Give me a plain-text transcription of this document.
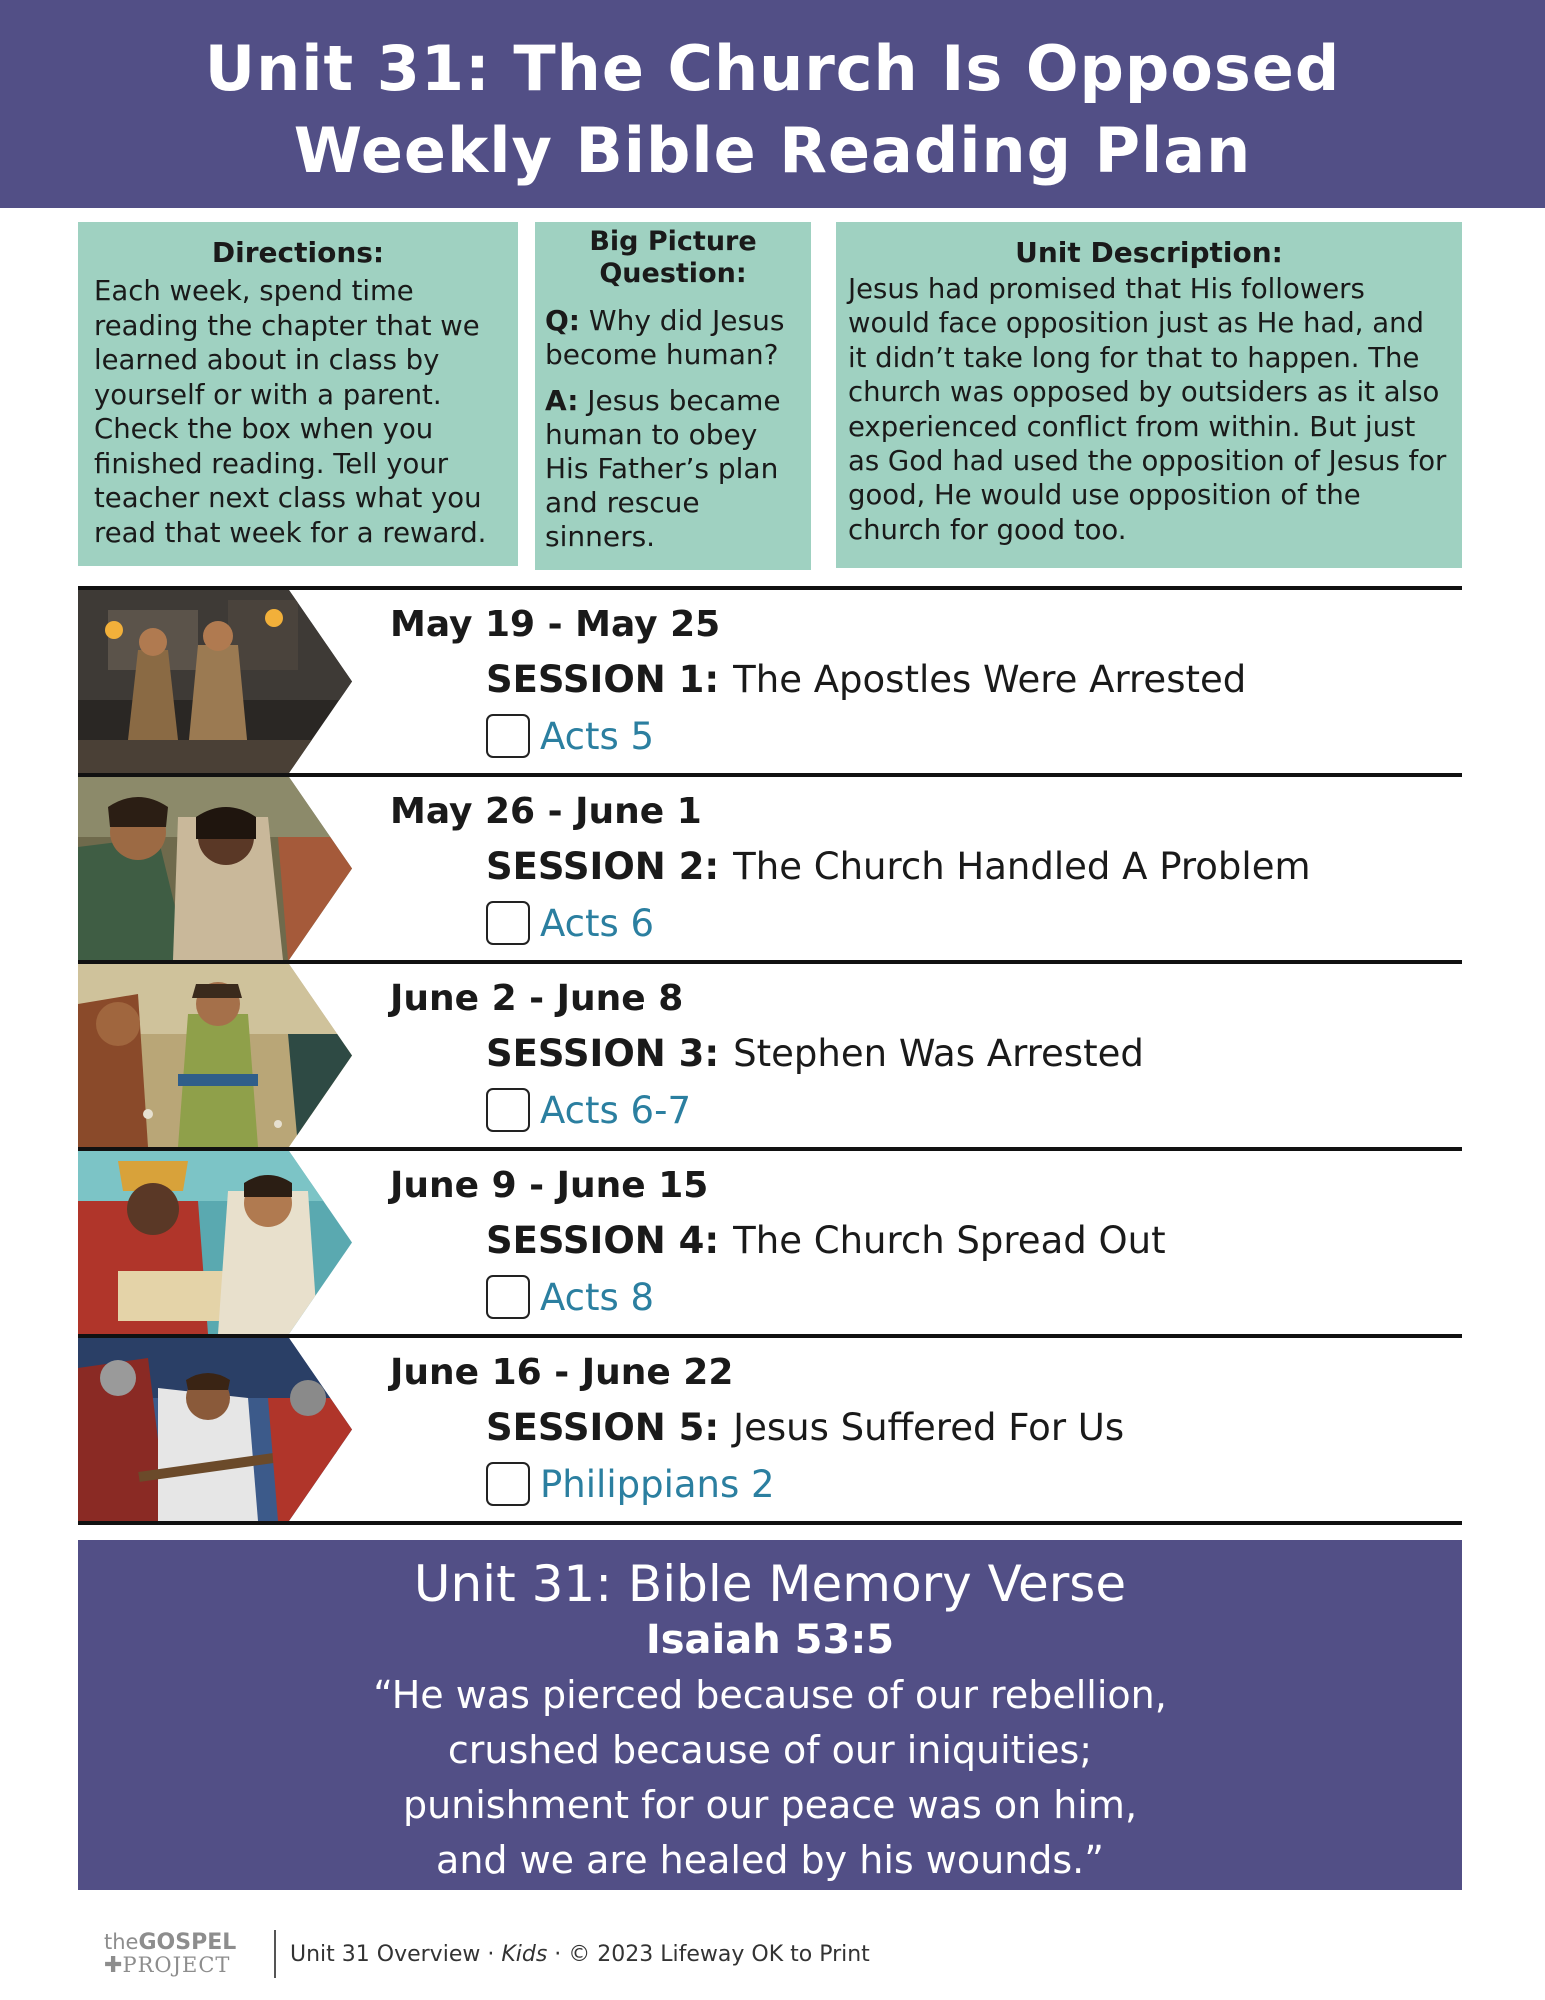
Unit 31: The Church Is Opposed
Weekly Bible Reading Plan
Directions:
Each week, spend time reading the chapter that we learned about in class by yourself or with a parent. Check the box when you finished reading. Tell your teacher next class what you read that week for a reward.
Big Picture Question:
Q: Why did Jesus become human?
A: Jesus became human to obey His Father’s plan and rescue sinners.
Unit Description:
Jesus had promised that His followers would face opposition just as He had, and it didn’t take long for that to happen. The church was opposed by outsiders as it also experienced conflict from within. But just as God had used the opposition of Jesus for good, He would use opposition of the church for good too.
May 19 - May 25
SESSION 1: The Apostles Were Arrested
Acts 5
May 26 - June 1
SESSION 2: The Church Handled A Problem
Acts 6
June 2 - June 8
SESSION 3: Stephen Was Arrested
Acts 6-7
June 9 - June 15
SESSION 4: The Church Spread Out
Acts 8
June 16 - June 22
SESSION 5: Jesus Suffered For Us
Philippians 2
Unit 31: Bible Memory Verse
Isaiah 53:5
“He was pierced because of our rebellion,
crushed because of our iniquities;
punishment for our peace was on him,
and we are healed by his wounds.”
theGOSPEL
✚PROJECT	Unit 31 Overview · Kids · © 2023 Lifeway OK to Print
